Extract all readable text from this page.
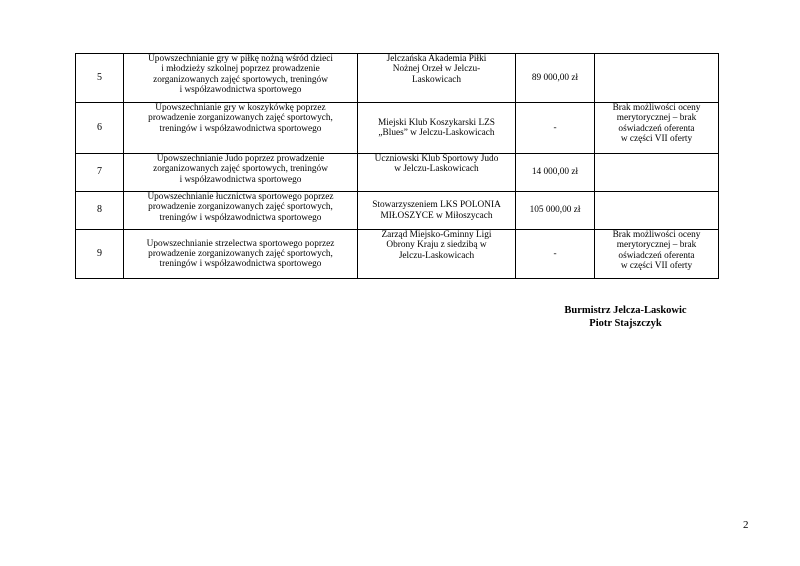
5	Upowszechnianie gry w piłkę nożną wśród dzieci
i młodzieży szkolnej poprzez prowadzenie
zorganizowanych zajęć sportowych, treningów
i współzawodnictwa sportowego	Jelczańska Akademia Piłki
Nożnej Orzeł w Jelczu-
Laskowicach	89 000,00 zł	
6	Upowszechnianie gry w koszykówkę poprzez
prowadzenie zorganizowanych zajęć sportowych,
treningów i współzawodnictwa sportowego	Miejski Klub Koszykarski LZS
„Blues” w Jelczu-Laskowicach	-	Brak możliwości oceny
merytorycznej – brak
oświadczeń oferenta
w części VII oferty

7	Upowszechnianie Judo poprzez prowadzenie
zorganizowanych zajęć sportowych, treningów
i współzawodnictwa sportowego	Uczniowski Klub Sportowy Judo
w Jelczu-Laskowicach	14 000,00 zł	
8	Upowszechnianie łucznictwa sportowego poprzez
prowadzenie zorganizowanych zajęć sportowych,
treningów i współzawodnictwa sportowego	Stowarzyszeniem LKS POLONIA
MIŁOSZYCE w Miłoszycach	105 000,00 zł	
9	Upowszechnianie strzelectwa sportowego poprzez
prowadzenie zorganizowanych zajęć sportowych,
treningów i współzawodnictwa sportowego	Zarząd Miejsko-Gminny Ligi
Obrony Kraju z siedzibą w
Jelczu-Laskowicach	-	Brak możliwości oceny
merytorycznej – brak
oświadczeń oferenta
w części VII oferty
Burmistrz Jelcza-Laskowic
Piotr Stajszczyk
2
